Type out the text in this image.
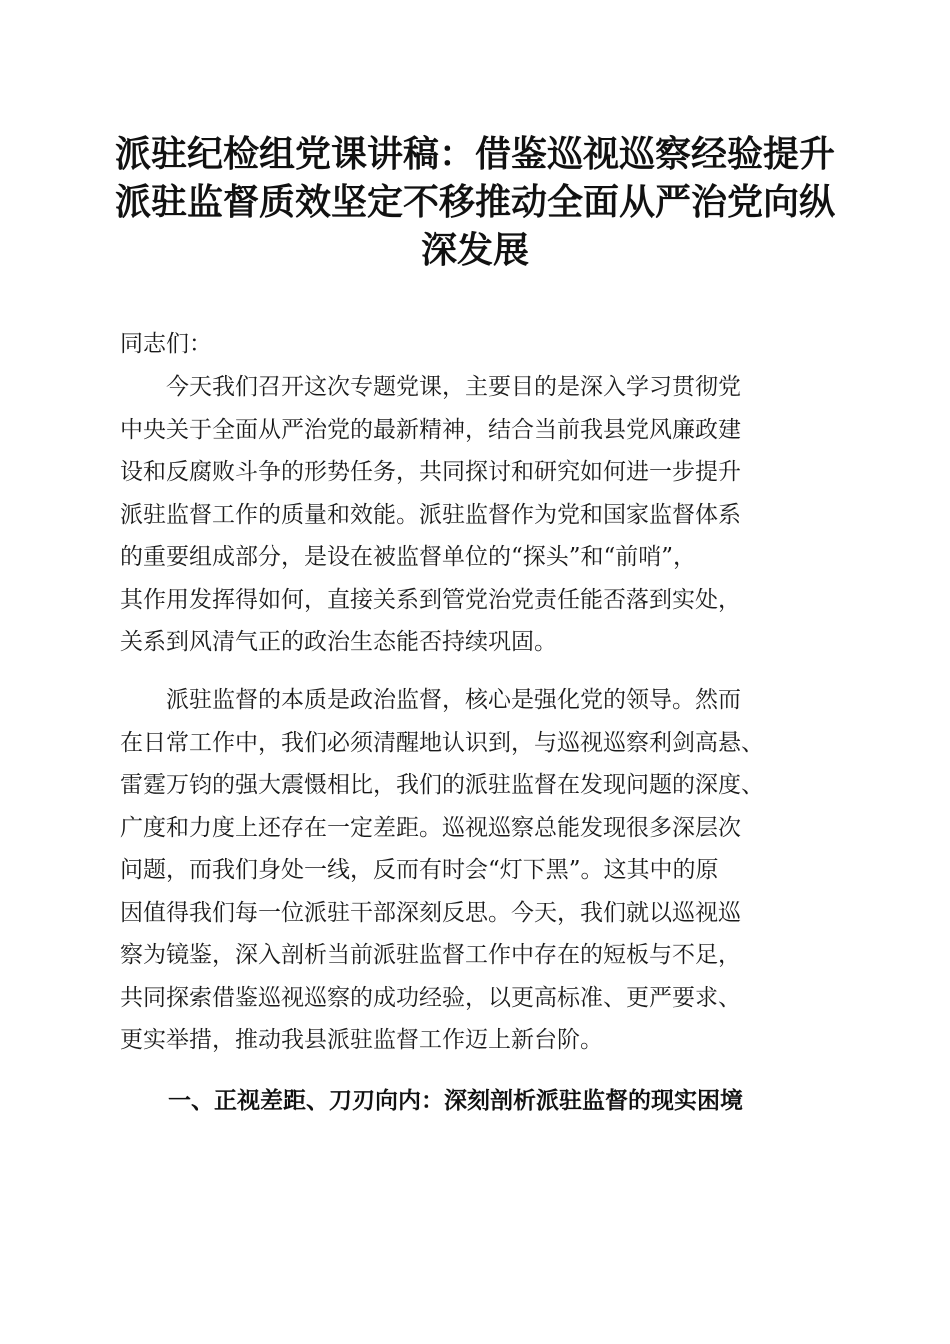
派驻纪检组党课讲稿：借鉴巡视巡察经验提升
派驻监督质效坚定不移推动全面从严治党向纵
深发展
同志们：
　　今天我们召开这次专题党课，主要目的是深入学习贯彻党
中央关于全面从严治党的最新精神，结合当前我县党风廉政建
设和反腐败斗争的形势任务，共同探讨和研究如何进一步提升
派驻监督工作的质量和效能。派驻监督作为党和国家监督体系
的重要组成部分，是设在被监督单位的“探头”和“前哨”，
其作用发挥得如何，直接关系到管党治党责任能否落到实处，
关系到风清气正的政治生态能否持续巩固。
　　派驻监督的本质是政治监督，核心是强化党的领导。然而
在日常工作中，我们必须清醒地认识到，与巡视巡察利剑高悬、
雷霆万钧的强大震慑相比，我们的派驻监督在发现问题的深度、
广度和力度上还存在一定差距。巡视巡察总能发现很多深层次
问题，而我们身处一线，反而有时会“灯下黑”。这其中的原
因值得我们每一位派驻干部深刻反思。今天，我们就以巡视巡
察为镜鉴，深入剖析当前派驻监督工作中存在的短板与不足，
共同探索借鉴巡视巡察的成功经验，以更高标准、更严要求、
更实举措，推动我县派驻监督工作迈上新台阶。
一、正视差距、刀刃向内：深刻剖析派驻监督的现实困境
